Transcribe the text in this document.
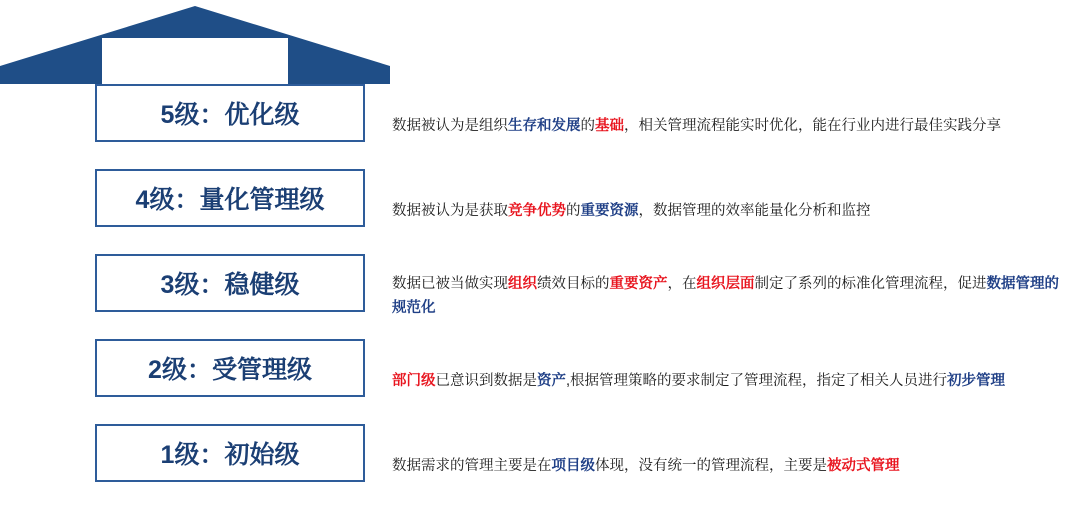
DCMM级别
5级：优化级
4级：量化管理级
3级：稳健级
2级：受管理级
1级：初始级
数据被认为是组织生存和发展的基础，相关管理流程能实时优化，能在行业内进行最佳实践分享
数据被认为是获取竞争优势的重要资源，数据管理的效率能量化分析和监控
数据已被当做实现组织绩效目标的重要资产，在组织层面制定了系列的标准化管理流程，促进数据管理的规范化
部门级已意识到数据是资产,根据管理策略的要求制定了管理流程，指定了相关人员进行初步管理
数据需求的管理主要是在项目级体现，没有统一的管理流程，主要是被动式管理
